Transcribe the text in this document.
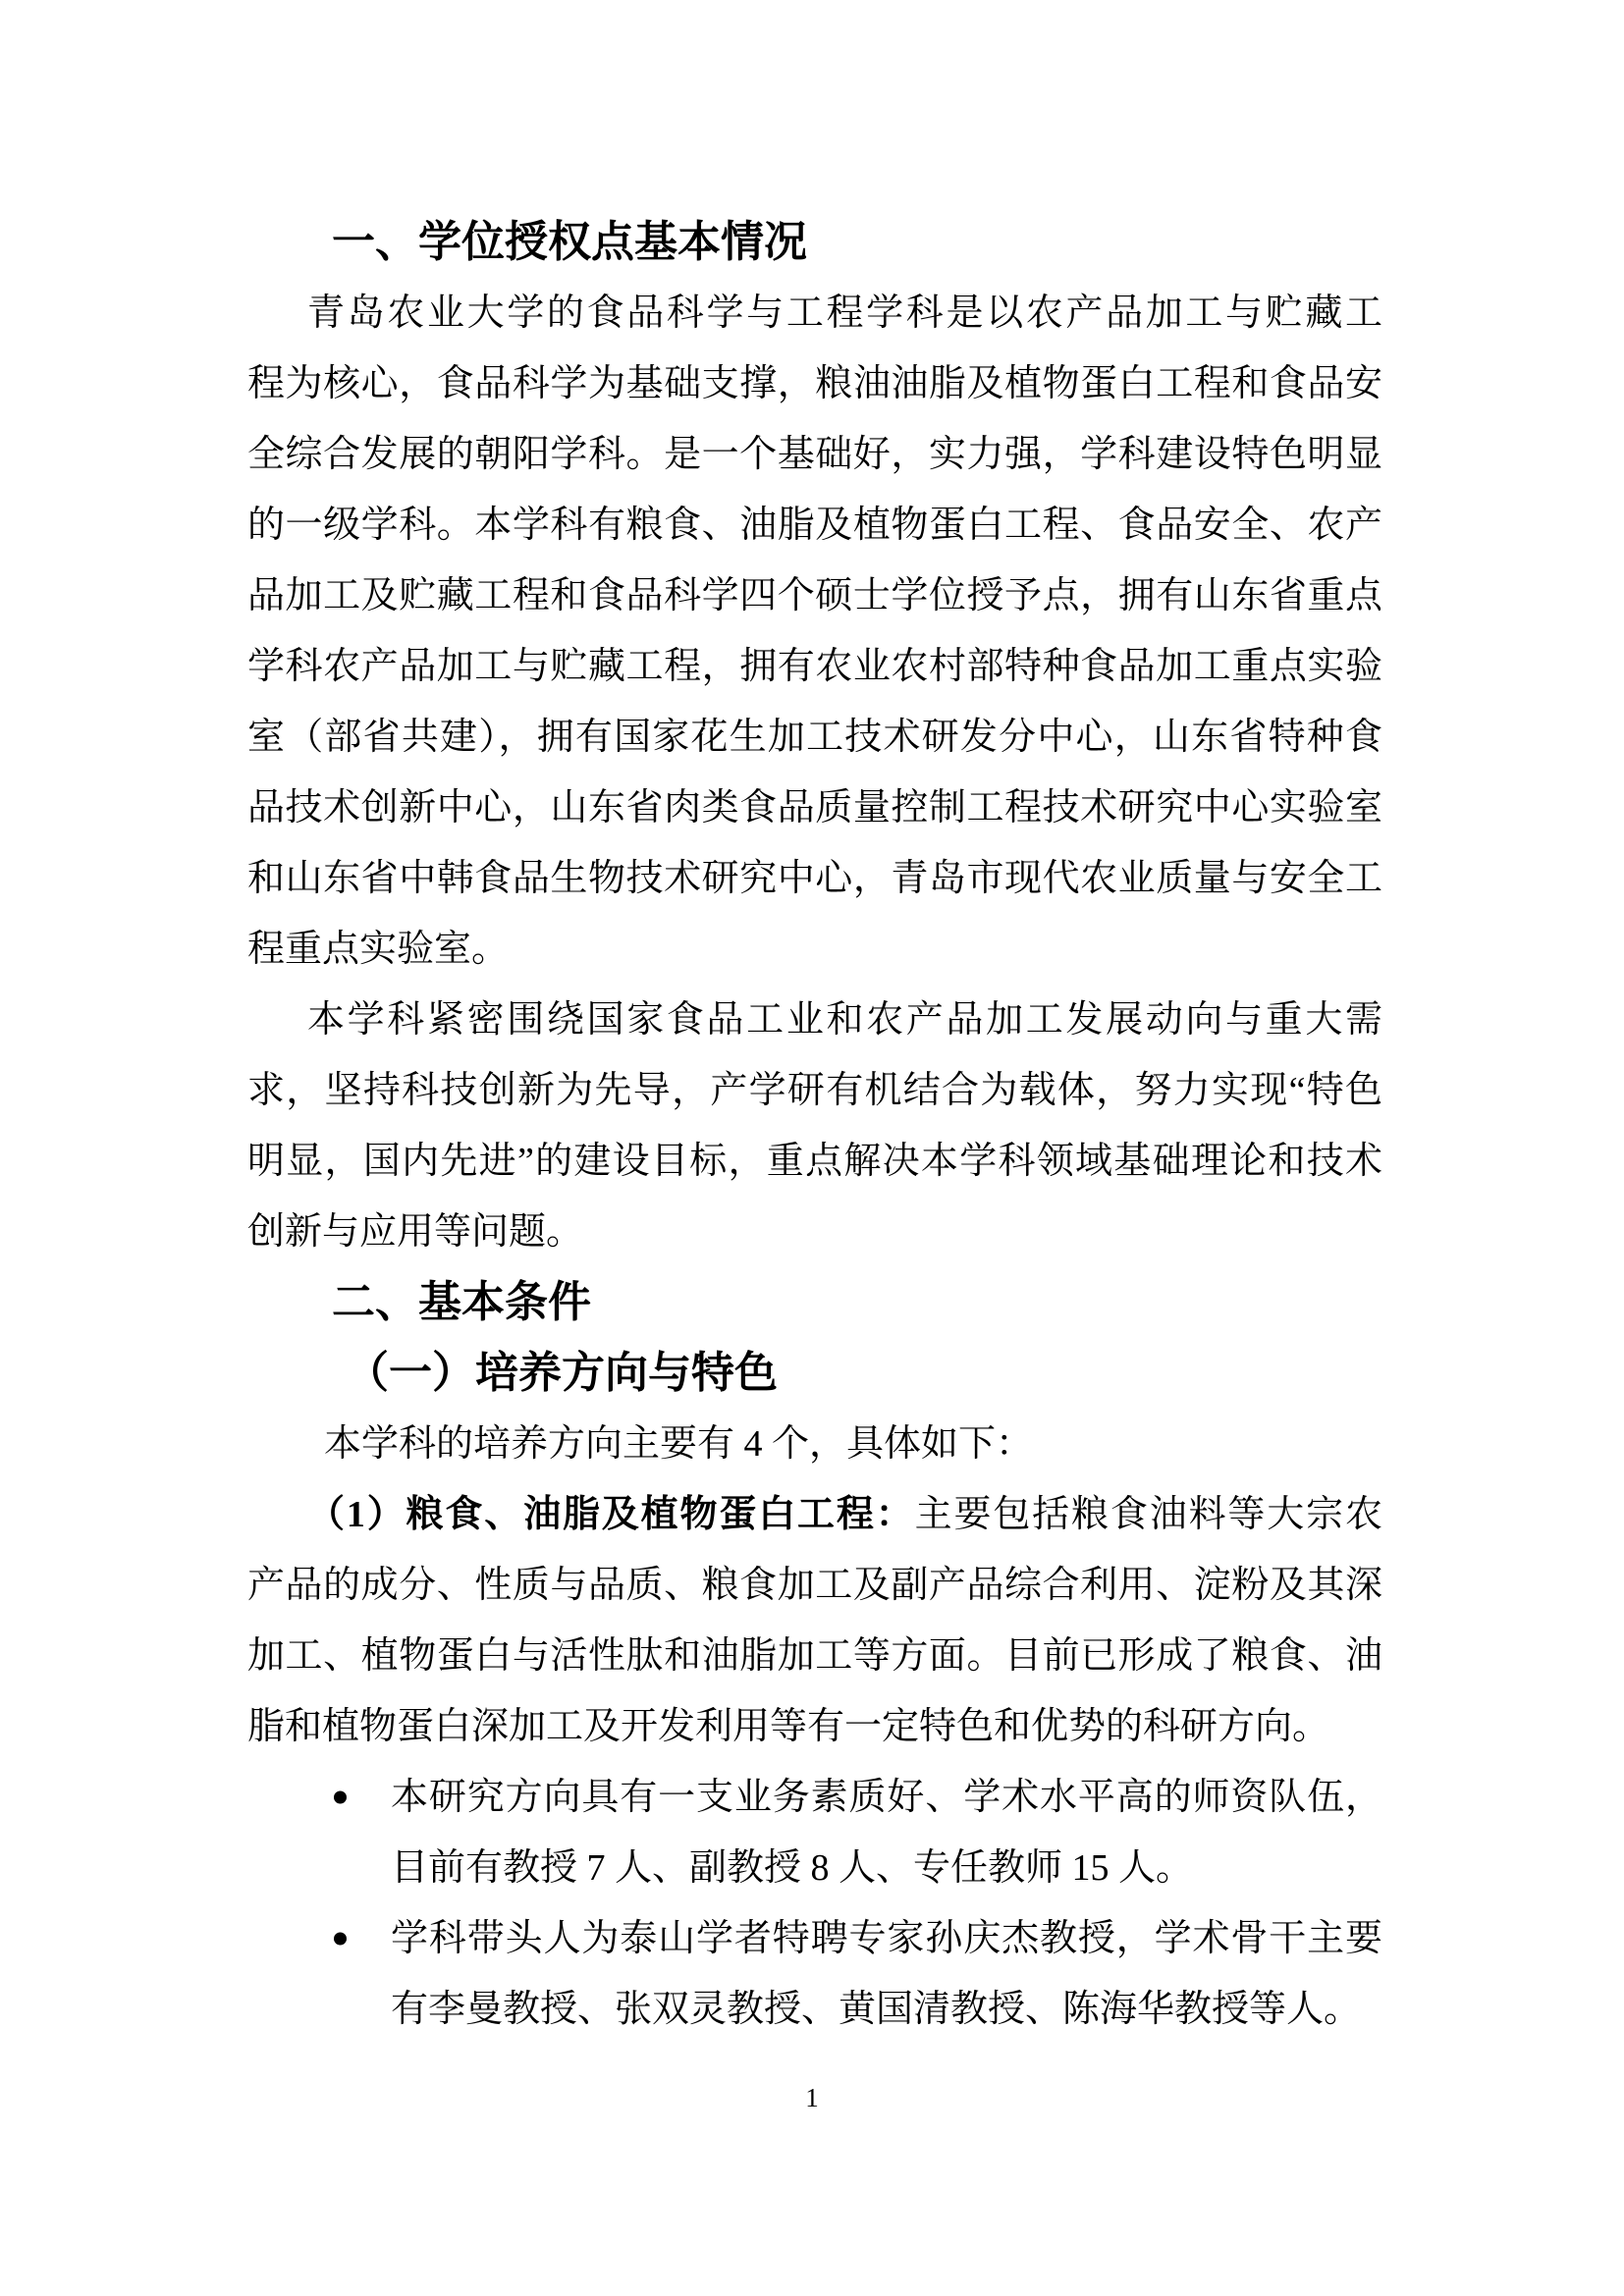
一、学位授权点基本情况
青岛农业大学的食品科学与工程学科是以农产品加工与贮藏工
程为核心，食品科学为基础支撑，粮油油脂及植物蛋白工程和食品安
全综合发展的朝阳学科。是一个基础好，实力强，学科建设特色明显
的一级学科。本学科有粮食、油脂及植物蛋白工程、食品安全、农产
品加工及贮藏工程和食品科学四个硕士学位授予点，拥有山东省重点
学科农产品加工与贮藏工程，拥有农业农村部特种食品加工重点实验
室（部省共建），拥有国家花生加工技术研发分中心，山东省特种食
品技术创新中心，山东省肉类食品质量控制工程技术研究中心实验室
和山东省中韩食品生物技术研究中心，青岛市现代农业质量与安全工
程重点实验室。
本学科紧密围绕国家食品工业和农产品加工发展动向与重大需
求，坚持科技创新为先导，产学研有机结合为载体，努力实现“特色
明显，国内先进”的建设目标，重点解决本学科领域基础理论和技术
创新与应用等问题。
二、基本条件
（一）培养方向与特色
本学科的培养方向主要有 4 个，具体如下：
（1）粮食、油脂及植物蛋白工程：主要包括粮食油料等大宗农
产品的成分、性质与品质、粮食加工及副产品综合利用、淀粉及其深
加工、植物蛋白与活性肽和油脂加工等方面。目前已形成了粮食、油
脂和植物蛋白深加工及开发利用等有一定特色和优势的科研方向。
本研究方向具有一支业务素质好、学术水平高的师资队伍，
目前有教授 7 人、副教授 8 人、专任教师 15 人。
学科带头人为泰山学者特聘专家孙庆杰教授，学术骨干主要
有李曼教授、张双灵教授、黄国清教授、陈海华教授等人。
1
